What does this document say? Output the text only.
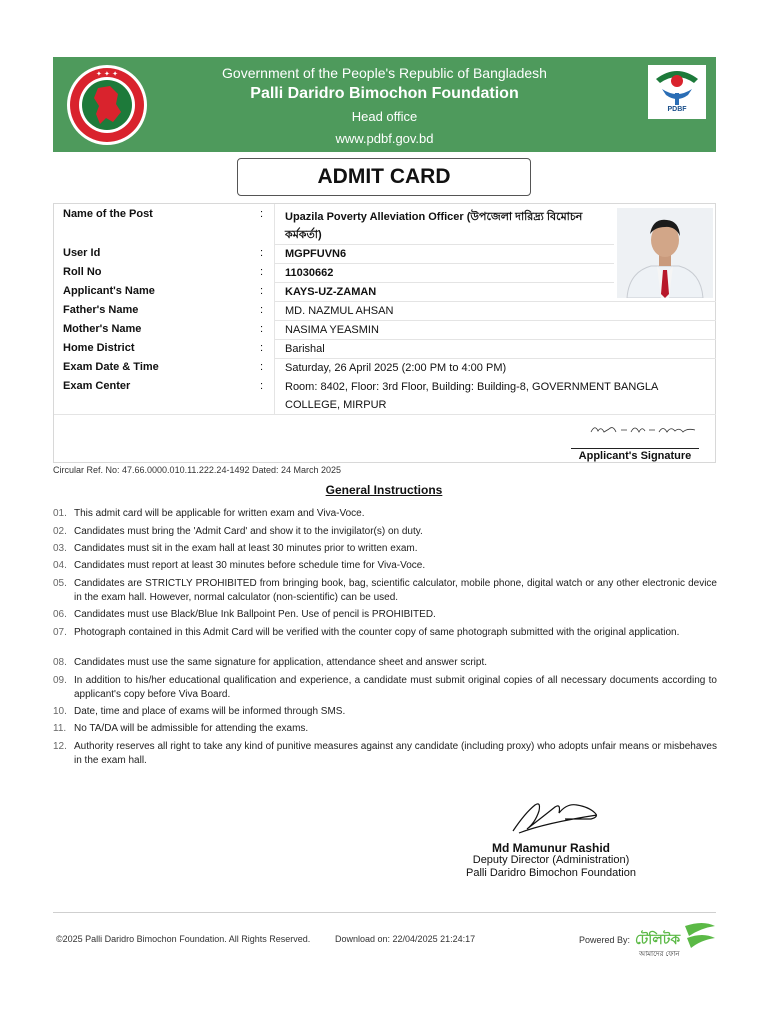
✦ ✦ ✦	Government of the People's Republic of Bangladesh
Palli Daridro Bimochon Foundation
Head office
www.pdbf.gov.bd
PDBF
ADMIT CARD
Name of the Post	: Upazila Poverty Alleviation Officer (উপজেলা দারিদ্র্য বিমোচন কর্মকর্তা)
User Id	: MGPFUVN6
Roll No	: 11030662
Applicant's Name	: KAYS-UZ-ZAMAN
Father's Name	: MD. NAZMUL AHSAN
Mother's Name	: NASIMA YEASMIN
Home District	: Barishal
Exam Date & Time	: Saturday, 26 April 2025 (2:00 PM to 4:00 PM)
Exam Center	: Room: 8402, Floor: 3rd Floor, Building: Building-8, GOVERNMENT BANGLA COLLEGE, MIRPUR
Applicant's Signature
Circular Ref. No: 47.66.0000.010.11.222.24-1492 Dated: 24 March 2025
General Instructions
01. This admit card will be applicable for written exam and Viva-Voce.
02. Candidates must bring the 'Admit Card' and show it to the invigilator(s) on duty.
03. Candidates must sit in the exam hall at least 30 minutes prior to written exam.
04. Candidates must report at least 30 minutes before schedule time for Viva-Voce.
05. Candidates are STRICTLY PROHIBITED from bringing book, bag, scientific calculator, mobile phone, digital watch or any other electronic device in the exam hall. However, normal calculator (non-scientific) can be used.
06. Candidates must use Black/Blue Ink Ballpoint Pen. Use of pencil is PROHIBITED.
07. Photograph contained in this Admit Card will be verified with the counter copy of same photograph submitted with the original application.
08. Candidates must use the same signature for application, attendance sheet and answer script.
09. In addition to his/her educational qualification and experience, a candidate must submit original copies of all necessary documents according to applicant's copy before Viva Board.
10. Date, time and place of exams will be informed through SMS.
11. No TA/DA will be admissible for attending the exams.
12. Authority reserves all right to take any kind of punitive measures against any candidate (including proxy) who adopts unfair means or misbehaves in the exam hall.
Md Mamunur Rashid
Deputy Director (Administration)
Palli Daridro Bimochon Foundation
©2025 Palli Daridro Bimochon Foundation. All Rights Reserved.	Download on: 22/04/2025 21:24:17	Powered By: টেলিটক
আমাদের ফোন
